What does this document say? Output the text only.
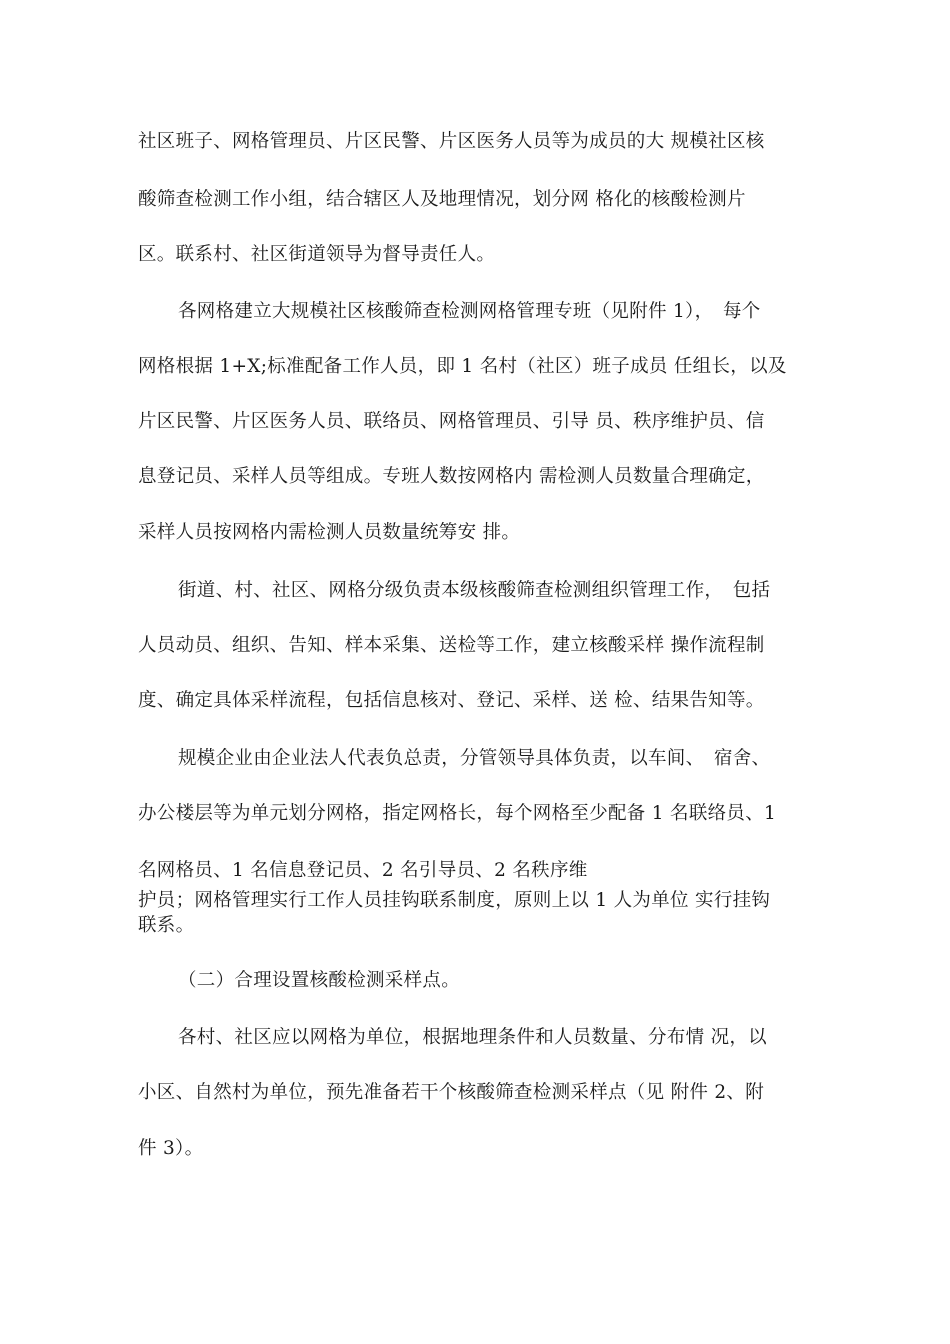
社区班子、网格管理员、片区民警、片区医务人员等为成员的大 规模社区核
酸筛查检测工作小组，结合辖区人及地理情况，划分网 格化的核酸检测片
区。联系村、社区街道领导为督导责任人。
各网格建立大规模社区核酸筛查检测网格管理专班（见附件 1），　每个
网格根据 1+X;标准配备工作人员，即 1 名村（社区）班子成员 任组长，以及
片区民警、片区医务人员、联络员、网格管理员、引导 员、秩序维护员、信
息登记员、采样人员等组成。专班人数按网格内 需检测人员数量合理确定，
采样人员按网格内需检测人员数量统筹安 排。
街道、村、社区、网格分级负责本级核酸筛查检测组织管理工作，　包括
人员动员、组织、告知、样本采集、送检等工作，建立核酸采样 操作流程制
度、确定具体采样流程，包括信息核对、登记、采样、送 检、结果告知等。
规模企业由企业法人代表负总责，分管领导具体负责，以车间、　宿舍、
办公楼层等为单元划分网格，指定网格长，每个网格至少配备 1 名联络员、1
名网格员、1 名信息登记员、2 名引导员、2 名秩序维
护员；网格管理实行工作人员挂钩联系制度，原则上以 1 人为单位 实行挂钩
联系。
（二）合理设置核酸检测采样点。
各村、社区应以网格为单位，根据地理条件和人员数量、分布情 况，以
小区、自然村为单位，预先准备若干个核酸筛查检测采样点（见 附件 2、附
件 3）。
